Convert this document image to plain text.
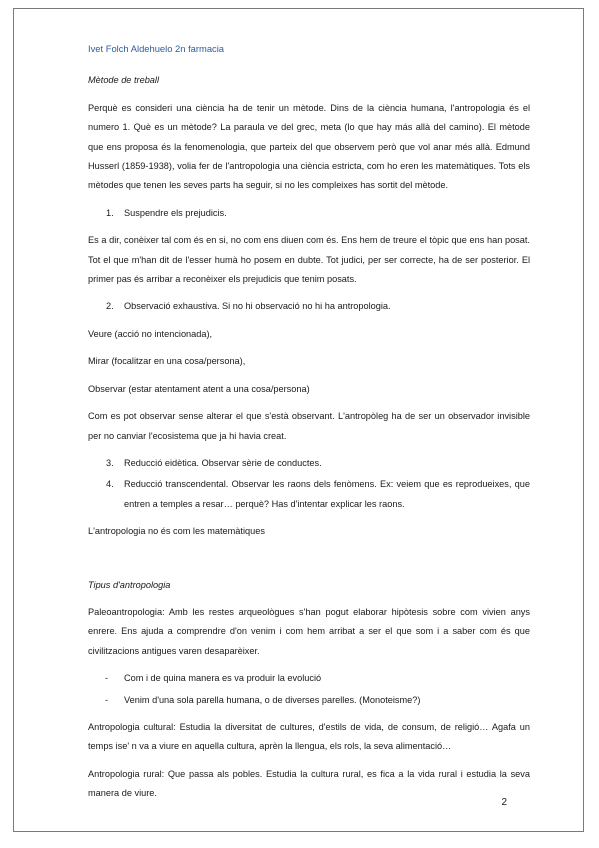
Ivet Folch Aldehuelo 2n farmacia
Mètode de treball

Perquè es consideri una ciència ha de tenir un mètode. Dins de la ciència humana, l'antropologia és el numero 1. Què es un mètode? La paraula ve del grec, meta (lo que hay más allà del camino). El mètode que ens proposa és la fenomenologia, que parteix del que observem però que vol anar més allà. Edmund Husserl (1859-1938), volia fer de l'antropologia una ciència estricta, com ho eren les matemàtiques. Tots els mètodes que tenen les seves parts ha seguir, si no les compleixes has sortit del mètode.

1. Suspendre els prejudicis.

Es a dir, conèixer tal com és en si, no com ens diuen com és. Ens hem de treure el tòpic que ens han posat. Tot el que m'han dit de l'esser humà ho posem en dubte. Tot judici, per ser correcte, ha de ser posterior. El primer pas és arribar a reconèixer els prejudicis que tenim posats.

2. Observació exhaustiva. Si no hi observació no hi ha antropologia.

Veure (acció no intencionada),

Mirar (focalitzar en una cosa/persona),

Observar (estar atentament atent a una cosa/persona)

Com es pot observar sense alterar el que s'està observant. L'antropòleg ha de ser un observador invisible per no canviar l'ecosistema que ja hi havia creat.

3. Reducció eidètica. Observar sèrie de conductes.
4. Reducció transcendental. Observar les raons dels fenòmens. Ex: veiem que es reprodueixes, que entren a temples a resar… perquè? Has d'intentar explicar les raons.

L'antropologia no és com les matemàtiques

Tipus d'antropologia

Paleoantropologia: Amb les restes arqueològues s'han pogut elaborar hipòtesis sobre com vivien anys enrere. Ens ajuda a comprendre d'on venim i com hem arribat a ser el que som i a saber com és que civilitzacions antigues varen desaparèixer.

- Com i de quina manera es va produir la evolució
- Venim d'una sola parella humana, o de diverses parelles. (Monoteisme?)

Antropologia cultural: Estudia la diversitat de cultures, d'estils de vida, de consum, de religió… Agafa un temps ise' n va a viure en aquella cultura, aprèn la llengua, els rols, la seva alimentació…

Antropologia rural: Que passa als pobles. Estudia la cultura rural, es fica a la vida rural i estudia la seva manera de viure.

2
